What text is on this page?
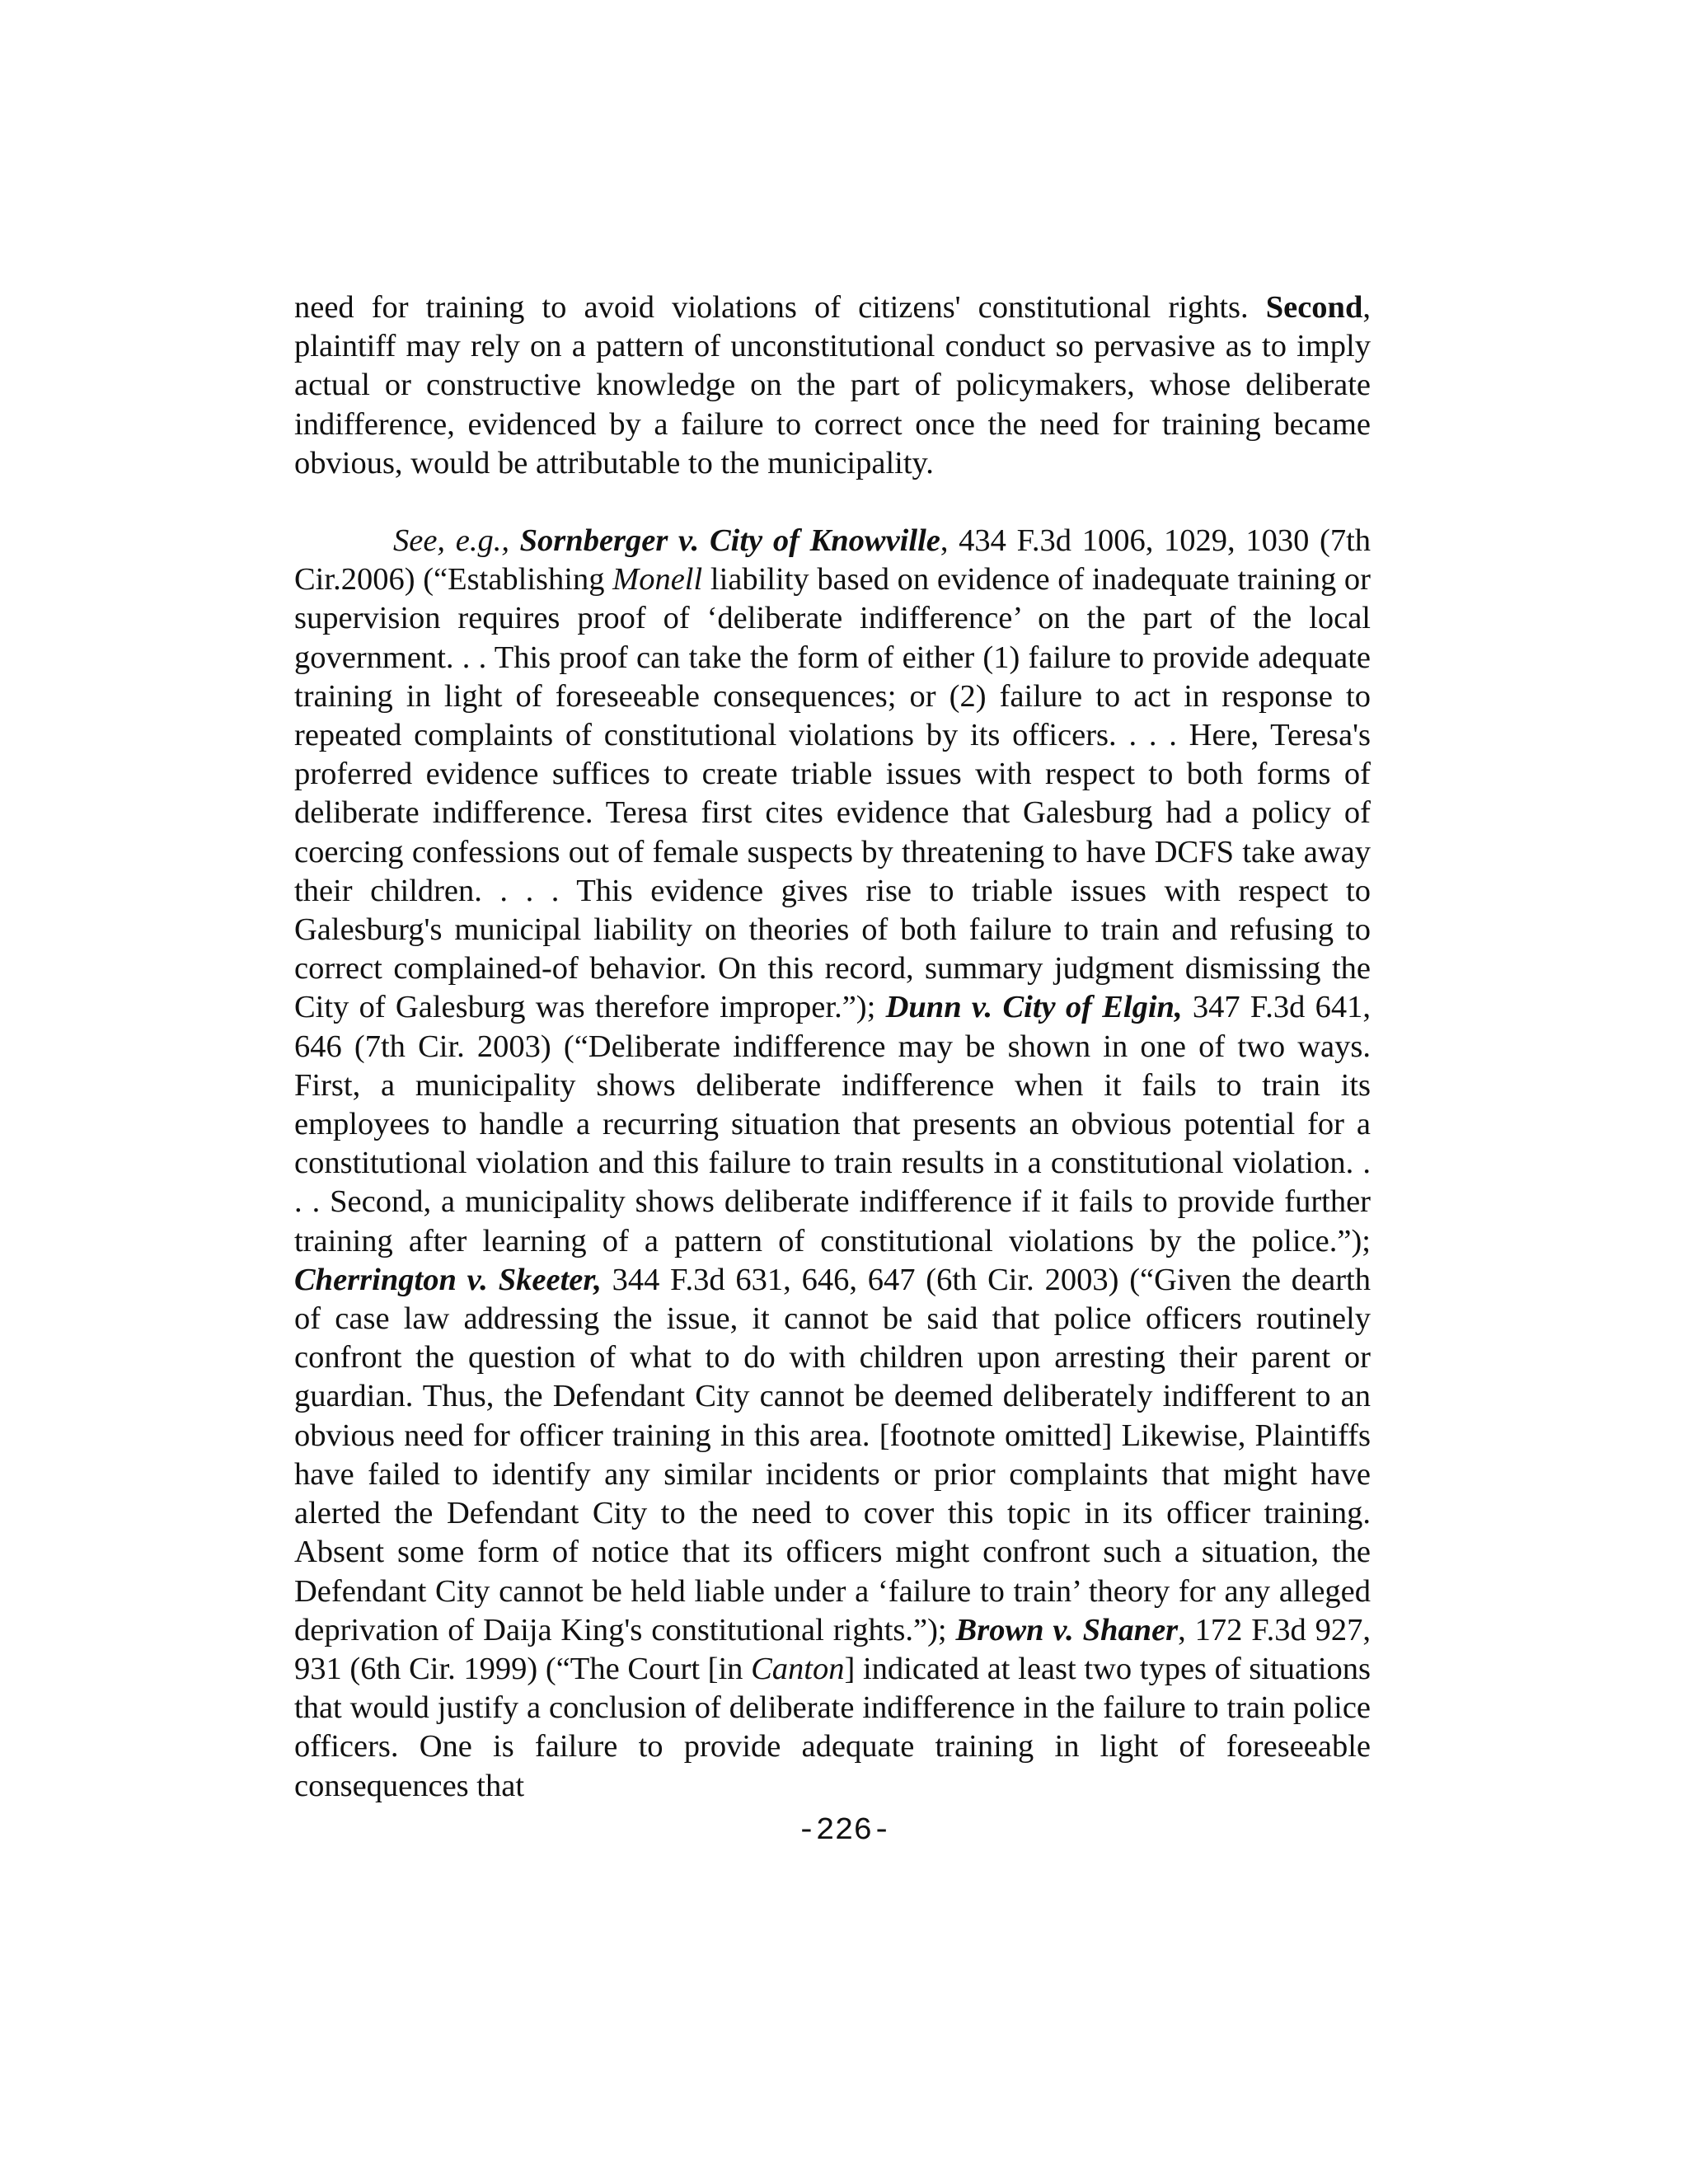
need for training to avoid violations of citizens' constitutional rights. Second, plaintiff may rely on a pattern of unconstitutional conduct so pervasive as to imply actual or constructive knowledge on the part of policymakers, whose deliberate indifference, evidenced by a failure to correct once the need for training became obvious, would be attributable to the municipality.

See, e.g., Sornberger v. City of Knowville, 434 F.3d 1006, 1029, 1030 (7th Cir.2006) (“Establishing Monell liability based on evidence of inadequate training or supervision requires proof of ‘deliberate indifference’ on the part of the local government. . . This proof can take the form of either (1) failure to provide adequate training in light of foreseeable consequences; or (2) failure to act in response to repeated complaints of constitutional violations by its officers. . . . Here, Teresa's proferred evidence suffices to create triable issues with respect to both forms of deliberate indifference. Teresa first cites evidence that Galesburg had a policy of coercing confessions out of female suspects by threatening to have DCFS take away their children. . . . This evidence gives rise to triable issues with respect to Galesburg's municipal liability on theories of both failure to train and refusing to correct complained-of behavior. On this record, summary judgment dismissing the City of Galesburg was therefore improper.”); Dunn v. City of Elgin, 347 F.3d 641, 646 (7th Cir. 2003) (“Deliberate indifference may be shown in one of two ways. First, a municipality shows deliberate indifference when it fails to train its employees to handle a recurring situation that presents an obvious potential for a constitutional violation and this failure to train results in a constitutional violation. . . . Second, a municipality shows deliberate indifference if it fails to provide further training after learning of a pattern of constitutional violations by the police.”); Cherrington v. Skeeter, 344 F.3d 631, 646, 647 (6th Cir. 2003) (“Given the dearth of case law addressing the issue, it cannot be said that police officers routinely confront the question of what to do with children upon arresting their parent or guardian. Thus, the Defendant City cannot be deemed deliberately indifferent to an obvious need for officer training in this area. [footnote omitted] Likewise, Plaintiffs have failed to identify any similar incidents or prior complaints that might have alerted the Defendant City to the need to cover this topic in its officer training. Absent some form of notice that its officers might confront such a situation, the Defendant City cannot be held liable under a ‘failure to train’ theory for any alleged deprivation of Daija King's constitutional rights.”); Brown v. Shaner, 172 F.3d 927, 931 (6th Cir. 1999) (“The Court [in Canton] indicated at least two types of situations that would justify a conclusion of deliberate indifference in the failure to train police officers. One is failure to provide adequate training in light of foreseeable consequences that

-226-
